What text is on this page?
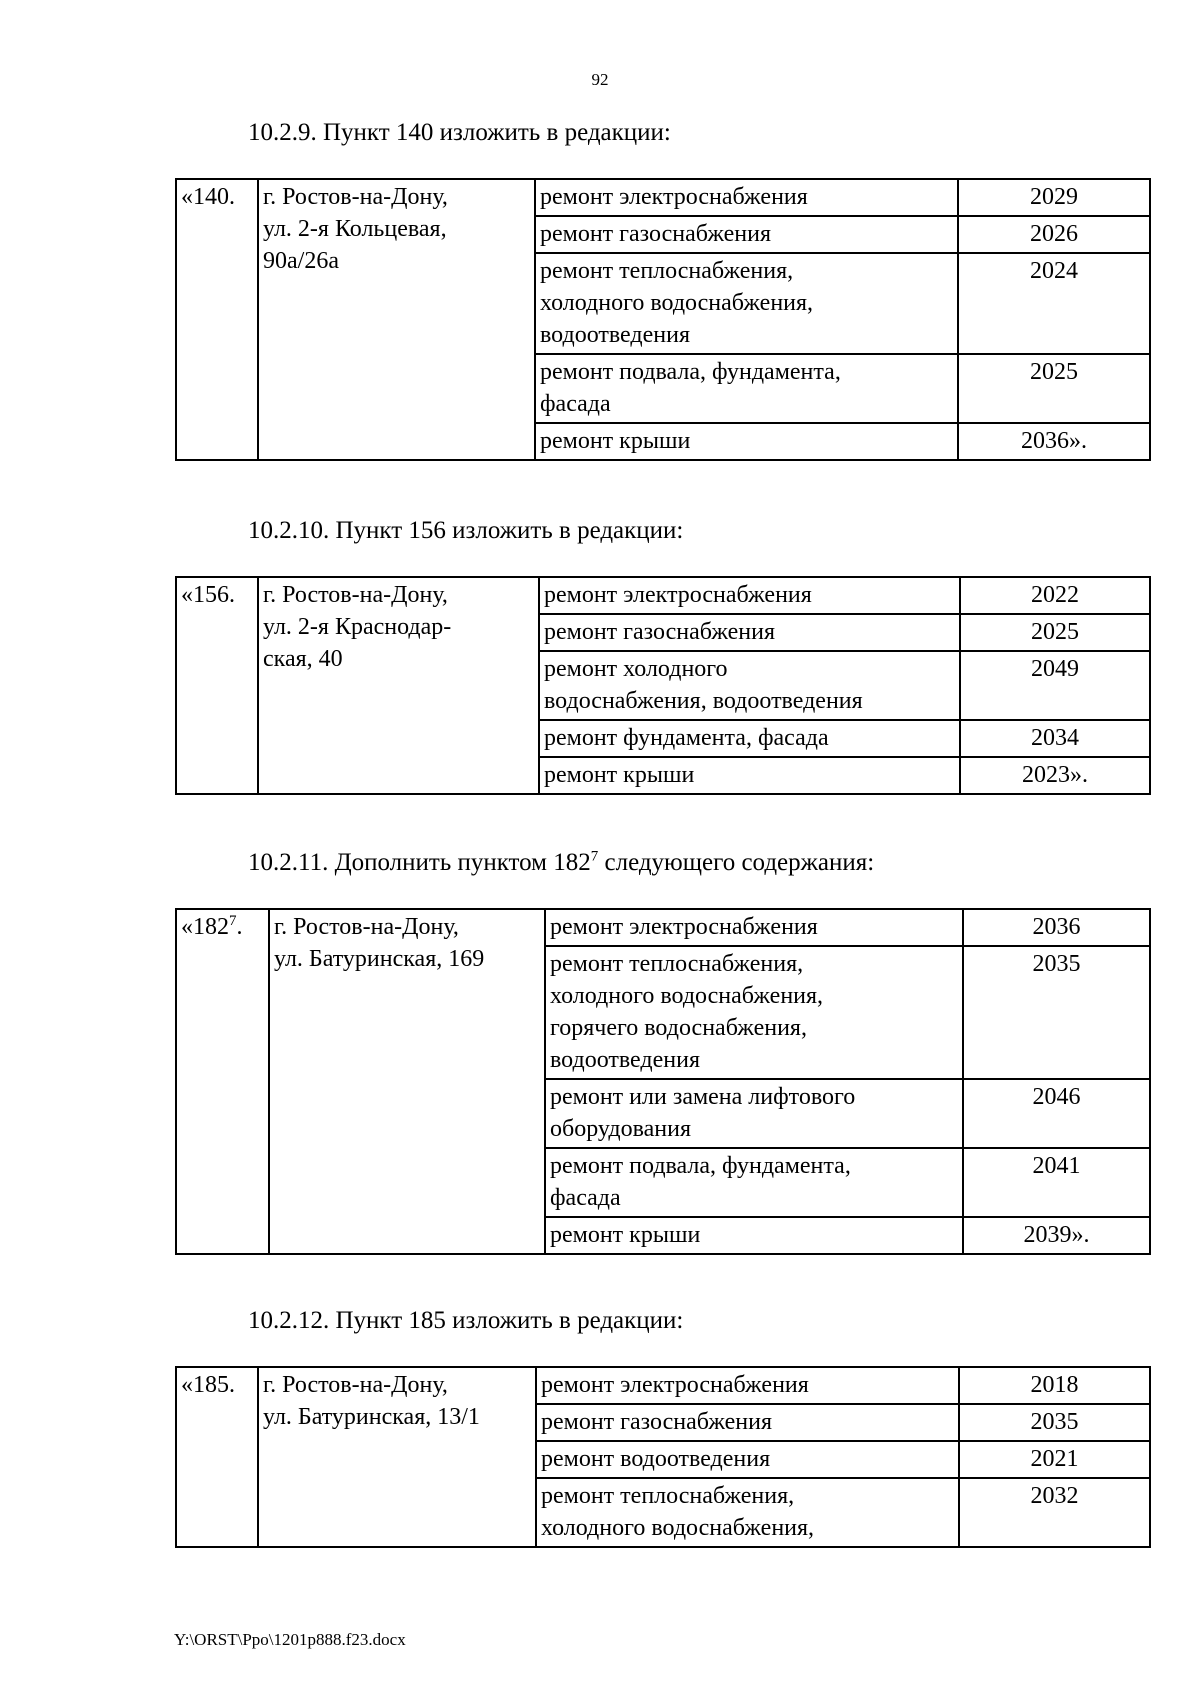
92
10.2.9. Пункт 140 изложить в редакции:
«140.	г. Ростов-на-Дону,
ул. 2-я Кольцевая,
90а/26а	ремонт электроснабжения	2029

		ремонт газоснабжения	2026

		ремонт теплоснабжения,
холодного водоснабжения,
водоотведения	2024

		ремонт подвала, фундамента,
фасада	2025

		ремонт крыши	2036».
10.2.10. Пункт 156 изложить в редакции:
«156.	г. Ростов-на-Дону,
ул. 2-я Краснодар-
ская, 40	ремонт электроснабжения	2022

		ремонт газоснабжения	2025

		ремонт холодного
водоснабжения, водоотведения	2049

		ремонт фундамента, фасада	2034

		ремонт крыши	2023».
10.2.11. Дополнить пунктом $182^7$ следующего содержания:
«$182^7$.	г. Ростов-на-Дону,
ул. Батуринская, 169	ремонт электроснабжения	2036

		ремонт теплоснабжения,
холодного водоснабжения,
горячего водоснабжения,
водоотведения	2035

		ремонт или замена лифтового
оборудования	2046

		ремонт подвала, фундамента,
фасада	2041

		ремонт крыши	2039».
10.2.12. Пункт 185 изложить в редакции:
«185.	г. Ростов-на-Дону,
ул. Батуринская, 13/1	ремонт электроснабжения	2018

		ремонт газоснабжения	2035

		ремонт водоотведения	2021

		ремонт теплоснабжения,
холодного водоснабжения,	2032
Y:\ORST\Ppo\1201p888.f23.docx
